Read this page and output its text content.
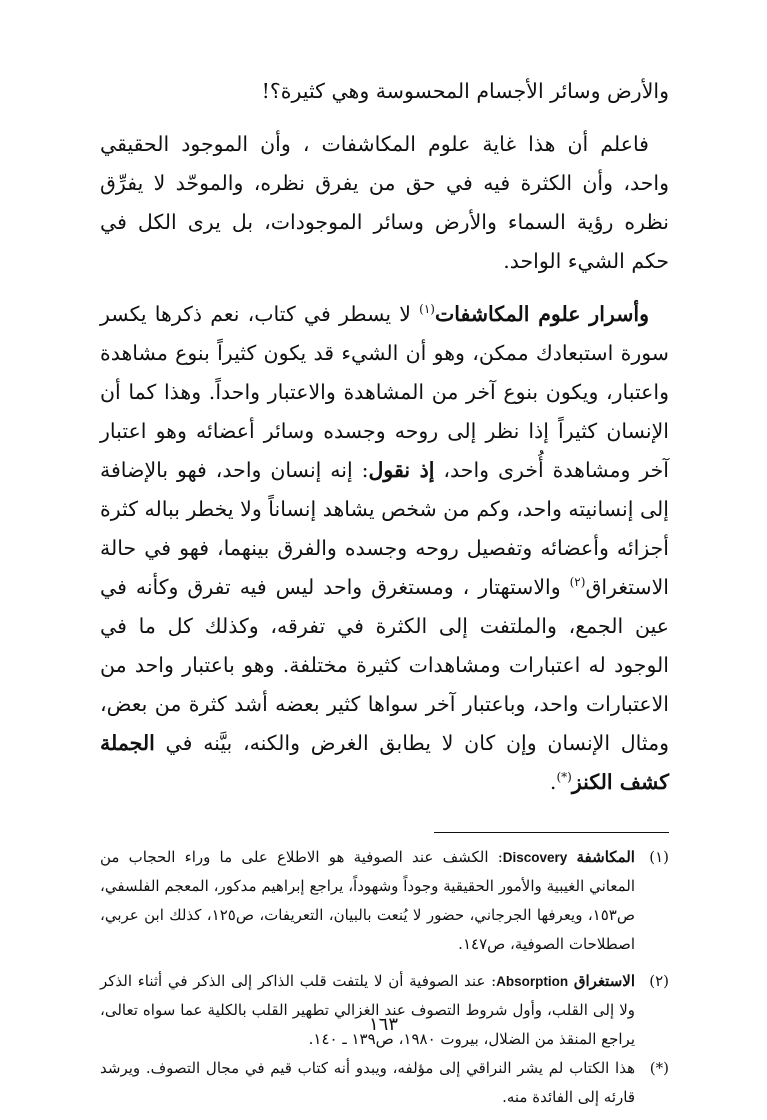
والأرض وسائر الأجسام المحسوسة وهي كثيرة؟!

فاعلم أن هذا غاية علوم المكاشفات ، وأن الموجود الحقيقي واحد، وأن الكثرة فيه في حق من يفرق نظره، والموحّد لا يفرِّق نظره رؤية السماء والأرض وسائر الموجودات، بل يرى الكل في حكم الشيء الواحد.

وأسرار علوم المكاشفات$^{(١)}$ لا يسطر في كتاب، نعم ذكرها يكسر سورة استبعادك ممكن، وهو أن الشيء قد يكون كثيراً بنوع مشاهدة واعتبار، ويكون بنوع آخر من المشاهدة والاعتبار واحداً. وهذا كما أن الإنسان كثيراً إذا نظر إلى روحه وجسده وسائر أعضائه وهو اعتبار آخر ومشاهدة أُخرى واحد، إذ نقول: إنه إنسان واحد، فهو بالإضافة إلى إنسانيته واحد، وكم من شخص يشاهد إنساناً ولا يخطر بباله كثرة أجزائه وأعضائه وتفصيل روحه وجسده والفرق بينهما، فهو في حالة الاستغراق$^{(٢)}$ والاستهتار ، ومستغرق واحد ليس فيه تفرق وكأنه في عين الجمع، والملتفت إلى الكثرة في تفرقه، وكذلك كل ما في الوجود له اعتبارات ومشاهدات كثيرة مختلفة. وهو باعتبار واحد من الاعتبارات واحد، وباعتبار آخر سواها كثير بعضه أشد كثرة من بعض، ومثال الإنسان وإن كان لا يطابق الغرض والكنه، بيَّنه في الجملة كشف الكنز(*).

(١)
المكاشفة Discovery: الكشف عند الصوفية هو الاطلاع على ما وراء الحجاب من المعاني الغيبية والأمور الحقيقية وجوداً وشهوداً، يراجع إبراهيم مدكور، المعجم الفلسفي، ص١٥٣، ويعرفها الجرجاني، حضور لا يُنعت بالبيان، التعريفات، ص١٢٥، كذلك ابن عربي، اصطلاحات الصوفية، ص١٤٧.
(٢)
الاستغراق Absorption: عند الصوفية أن لا يلتفت قلب الذاكر إلى الذكر في أثناء الذكر ولا إلى القلب، وأول شروط التصوف عند الغزالي تطهير القلب بالكلية عما سواه تعالى، يراجع المنقذ من الضلال، بيروت ١٩٨٠، ص١٣٩ ـ ١٤٠.
(*)
هذا الكتاب لم يشر النراقي إلى مؤلفه، ويبدو أنه كتاب قيم في مجال التصوف. ويرشد قارئه إلى الفائدة منه.
١٦٣
